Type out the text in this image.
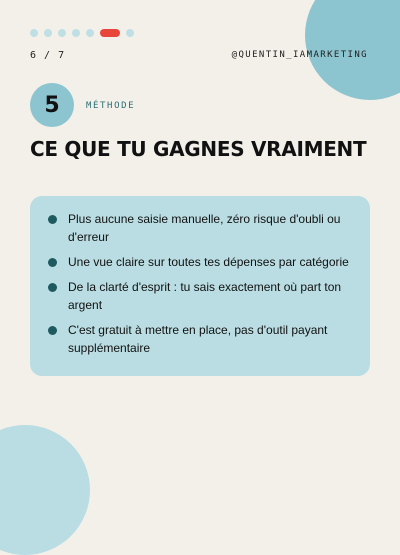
6 / 7	@QUENTIN_IAMARKETING
5	MÉTHODE
CE QUE TU GAGNES VRAIMENT
Plus aucune saisie manuelle, zéro risque d'oubli ou d'erreur
Une vue claire sur toutes tes dépenses par catégorie
De la clarté d'esprit : tu sais exactement où part ton argent
C'est gratuit à mettre en place, pas d'outil payant supplémentaire
